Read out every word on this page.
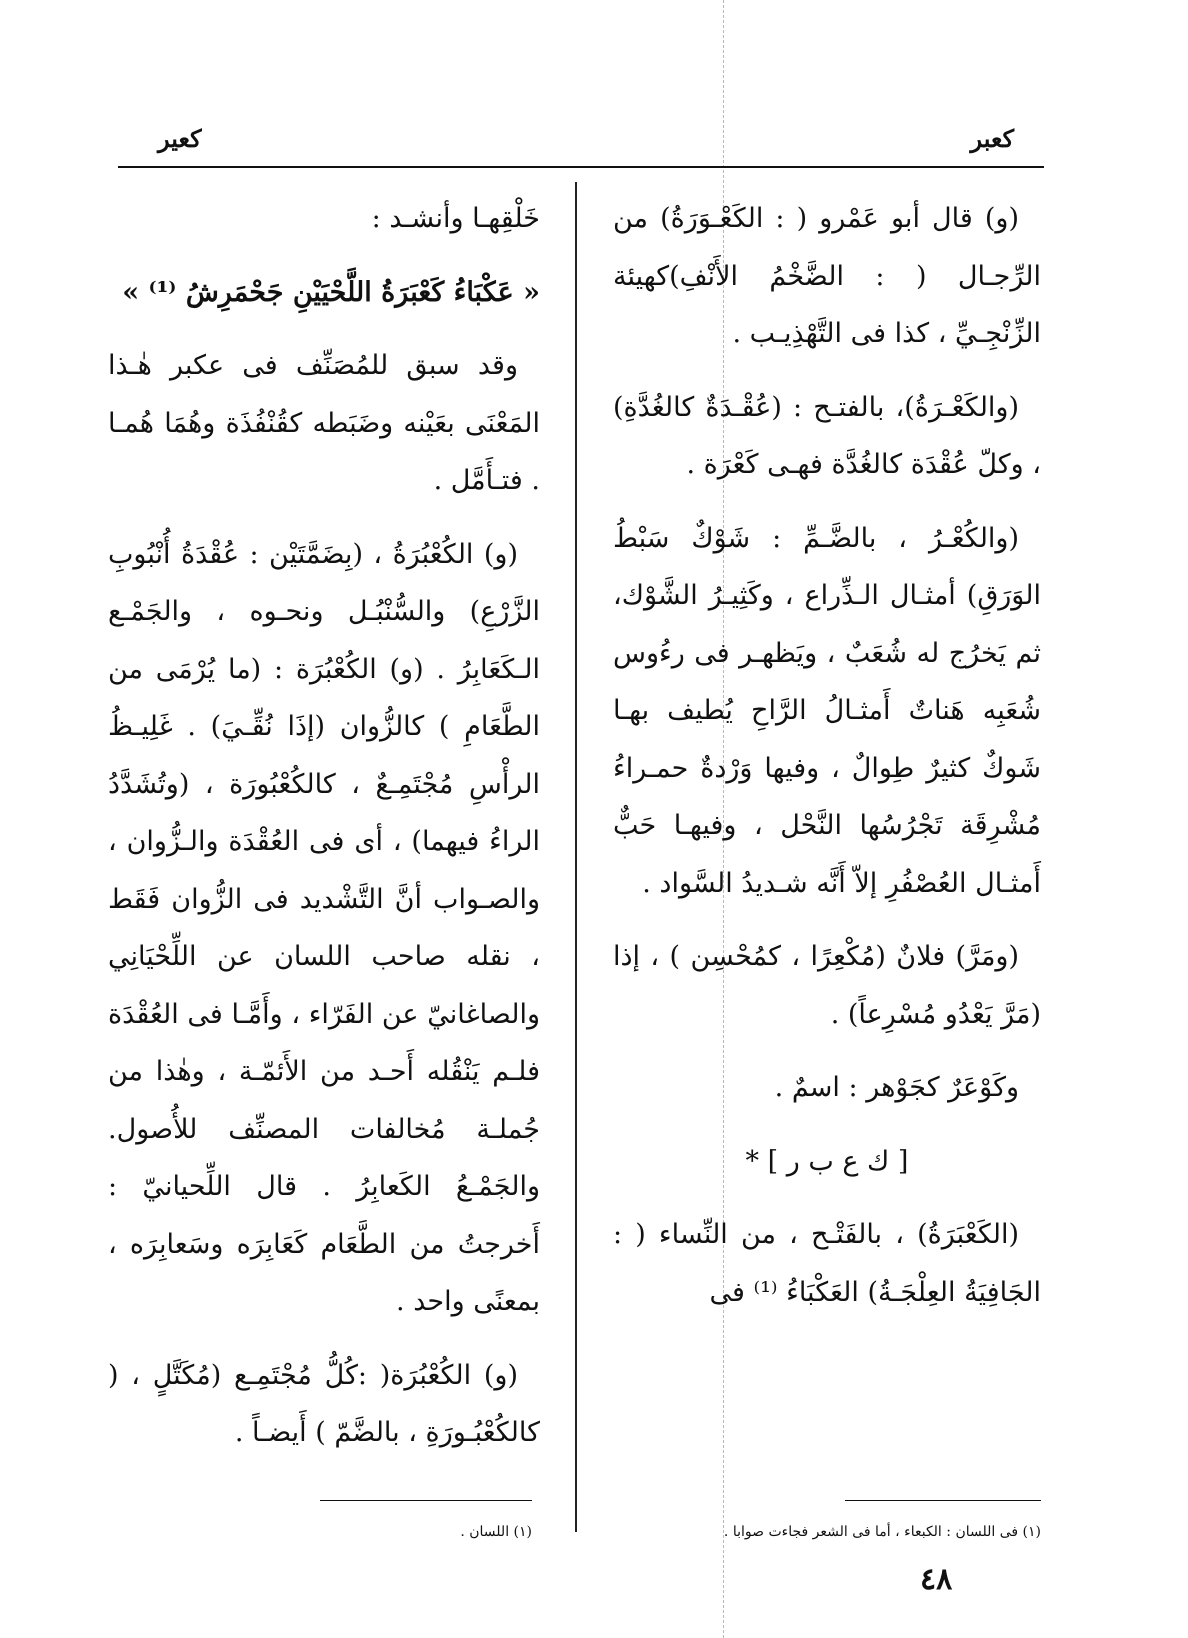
كعبر
كعير

(و) قال أبو عَمْرو ( : الكَعْـوَرَةُ) من الرِّجـال ( : الضَّخْمُ الأَنْفِ)كهيئة الزِّنْجِـيِّ ، كذا فى التَّهْذِيـب .

(والكَعْـرَةُ)، بالفتـح : (عُقْـدَةٌ كالغُدَّةِ) ، وكلّ عُقْدَة كالغُدَّة فهـى كَعْرَة .

(والكُعْـرُ ، بالضَّـمِّ : شَوْكٌ سَبْطُ الوَرَقِ) أمثـال الـذِّراع ، وكَثِيـرُ الشَّوْك، ثم يَخرُج له شُعَبٌ ، ويَظهـر فى رءُوس شُعَبِه هَناتٌ أَمثـالُ الرَّاحِ يُطيف بهـا شَوكٌ كثيرٌ طِوالٌ ، وفيها وَرْدةٌ حمـراءُ مُشْرِقَة تَجْرُسُها النَّحْل ، وفيهـا حَبٌّ أَمثـال العُصْفُرِ إلاّ أَنَّه شـديدُ السَّواد .

(ومَرَّ) فلانٌ (مُكْعِرًا ، كمُحْسِن ) ، إذا (مَرَّ يَعْدُو مُسْرِعاً) .

وكَوْعَرٌ كجَوْهر : اسمٌ .

[ ك ع ب ر ] *

(الكَعْبَرَةُ) ، بالفَتْـح ، من النِّساء ( : الجَافِيَةُ العِلْجَـةُ) العَكْبَاءُ ⁽¹⁾ فى

خَلْقِهـا وأنشـد :

« عَكْبَاءُ كَعْبَرَةُ اللَّحْيَيْنِ جَحْمَرِشُ ⁽¹⁾ »

وقد سبق للمُصَنِّف فى عكبر هٰـذا المَعْنَى بعَيْنه وضَبَطه كقُنْفُذَة وهُمَا هُمـا . فتـأَمَّل .

(و) الكُعْبُرَةُ ، (بِضَمَّتَيْن : عُقْدَةُ أُنْبُوبِ الزَّرْعِ) والسُّنْبُـل ونحـوه ، والجَمْـع الـكَعَابِرُ . (و) الكُعْبُرَة : (ما يُرْمَى من الطَّعَامِ ) كالزُّوان (إذَا نُقِّـيَ) . غَلِيـظُ الرأْسِ مُجْتَمِـعٌ ، كالكُعْبُورَة ، (وتُشَدَّدُ الراءُ فيهما) ، أى فى العُقْدَة والـزُّوان ، والصـواب أنَّ التَّشْديد فى الزُّوان فَقَط ، نقله صاحب اللسان عن اللِّحْيَانِي والصاغانيّ عن الفَرّاء ، وأَمَّـا فى العُقْدَة فلـم يَنْقُله أَحـد من الأَئمّـة ، وهٰذا من جُملـة مُخالفات المصنِّف للأُصول. والجَمْـعُ الكَعابِرُ . قال اللِّحيانيّ : أَخرجتُ من الطَّعَام كَعَابِرَه وسَعابِرَه ، بمعنًى واحد .

(و) الكُعْبُرَة( :كُلُّ مُجْتَمِـع (مُكَتَّلٍ ، ( كالكُعْبُـورَةِ ، بالضَّمّ ) أَيضـاً .

(١) فى اللسان : الكبعاء ، أما فى الشعر فجاءت صوابا .
(١) اللسان .
٤٨
